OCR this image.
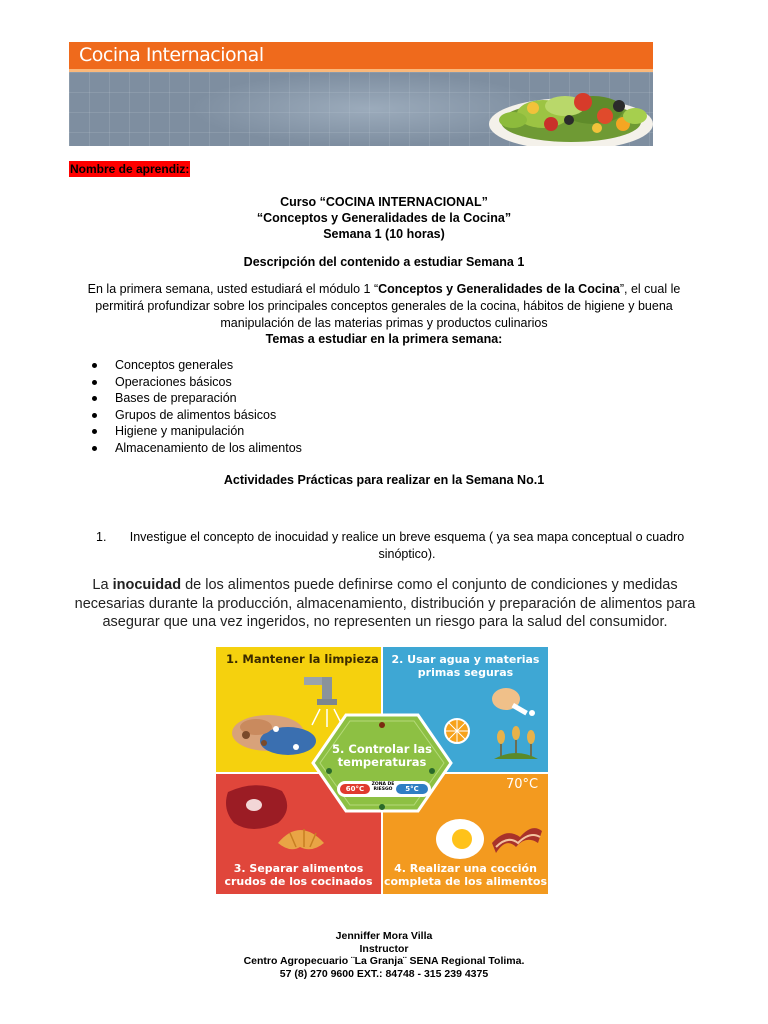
Cocina Internacional
Nombre de aprendiz:
Curso “COCINA INTERNACIONAL”
“Conceptos y Generalidades de la Cocina”
Semana 1 (10 horas)
Descripción del contenido a estudiar Semana 1
En la primera semana, usted estudiará el módulo 1 “Conceptos y Generalidades de la Cocina”, el cual le permitirá profundizar sobre los principales conceptos generales de la cocina, hábitos de higiene y buena manipulación de las materias primas y productos culinarios
Temas a estudiar en la primera semana:
Conceptos generales
Operaciones básicos
Bases de preparación
Grupos de alimentos básicos
Higiene y manipulación
Almacenamiento de los alimentos
Actividades Prácticas para realizar en la Semana No.1
1.	Investigue el concepto de inocuidad y realice un breve esquema ( ya sea mapa conceptual o cuadro sinóptico).
La inocuidad de los alimentos puede definirse como el conjunto de condiciones y medidas necesarias durante la producción, almacenamiento, distribución y preparación de alimentos para asegurar que una vez ingeridos, no representen un riesgo para la salud del consumidor.
1. Mantener la limpieza	2. Usar agua y materias
primas seguras
5. Controlar las
temperaturas
60°C
ZONA DE
RIESGO	5°C	70°C
3. Separar alimentos
crudos de los cocinados
4. Realizar una cocción
completa de los alimentos
Jenniffer Mora Villa
Instructor
Centro Agropecuario ¨La Granja¨ SENA Regional Tolima.
57 (8) 270 9600 EXT.: 84748 - 315 239 4375
